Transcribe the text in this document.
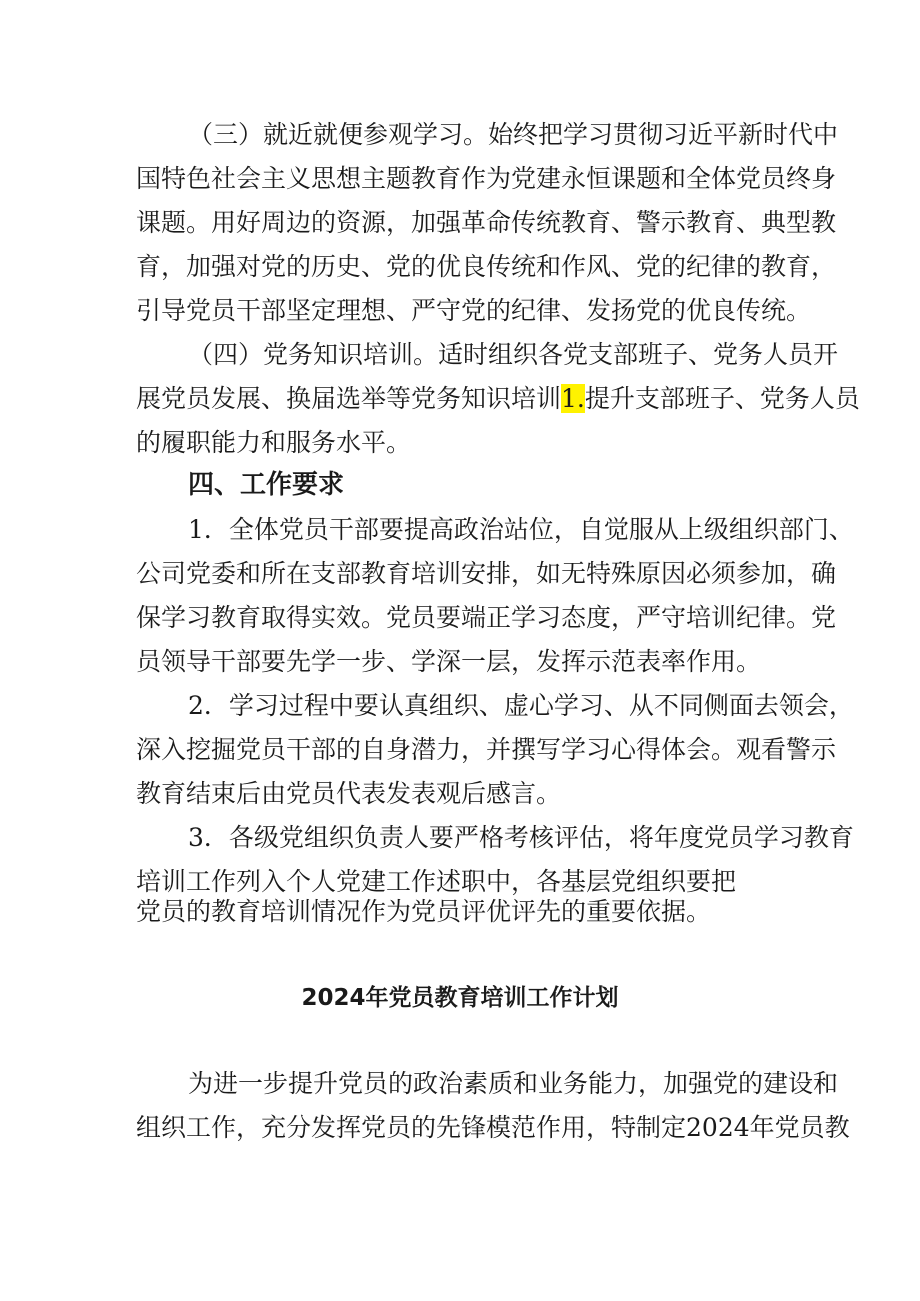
（三）就近就便参观学习。始终把学习贯彻习近平新时代中
国特色社会主义思想主题教育作为党建永恒课题和全体党员终身
课题。用好周边的资源，加强革命传统教育、警示教育、典型教
育，加强对党的历史、党的优良传统和作风、党的纪律的教育，
引导党员干部坚定理想、严守党的纪律、发扬党的优良传统。
（四）党务知识培训。适时组织各党支部班子、党务人员开
展党员发展、换届选举等党务知识培训1.提升支部班子、党务人员
的履职能力和服务水平。
四、工作要求
1．全体党员干部要提高政治站位，自觉服从上级组织部门、
公司党委和所在支部教育培训安排，如无特殊原因必须参加，确
保学习教育取得实效。党员要端正学习态度，严守培训纪律。党
员领导干部要先学一步、学深一层，发挥示范表率作用。
2．学习过程中要认真组织、虚心学习、从不同侧面去领会，
深入挖掘党员干部的自身潜力，并撰写学习心得体会。观看警示
教育结束后由党员代表发表观后感言。
3．各级党组织负责人要严格考核评估，将年度党员学习教育
培训工作列入个人党建工作述职中，各基层党组织要把
党员的教育培训情况作为党员评优评先的重要依据。
2024年党员教育培训工作计划
为进一步提升党员的政治素质和业务能力，加强党的建设和
组织工作，充分发挥党员的先锋模范作用，特制定2024年党员教
